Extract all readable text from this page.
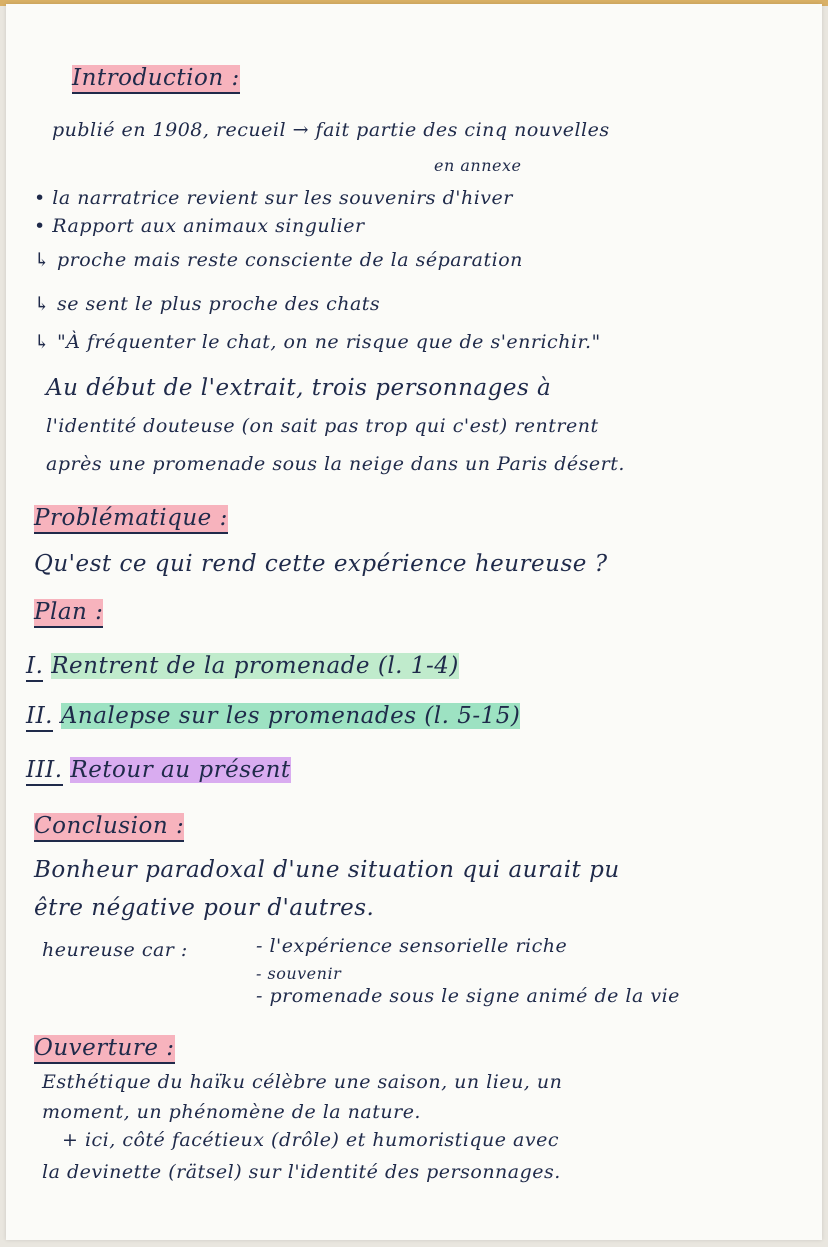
Introduction :
publié en 1908, recueil → fait partie des cinq nouvelles
en annexe
• la narratrice revient sur les souvenirs d'hiver
• Rapport aux animaux singulier
↳ proche mais reste consciente de la séparation
↳ se sent le plus proche des chats
↳ "À fréquenter le chat, on ne risque que de s'enrichir."
Au début de l'extrait, trois personnages à
l'identité douteuse (on sait pas trop qui c'est) rentrent
après une promenade sous la neige dans un Paris désert.
Problématique :
Qu'est ce qui rend cette expérience heureuse ?
Plan :
I. Rentrent de la promenade (l. 1-4)
II. Analepse sur les promenades (l. 5-15)
III. Retour au présent
Conclusion :
Bonheur paradoxal d'une situation qui aurait pu
être négative pour d'autres.
heureuse car :	- l'expérience sensorielle riche
- souvenir
- promenade sous le signe animé de la vie
Ouverture :
Esthétique du haïku célèbre une saison, un lieu, un
moment, un phénomène de la nature.
+ ici, côté facétieux (drôle) et humoristique avec
la devinette (rätsel) sur l'identité des personnages.
